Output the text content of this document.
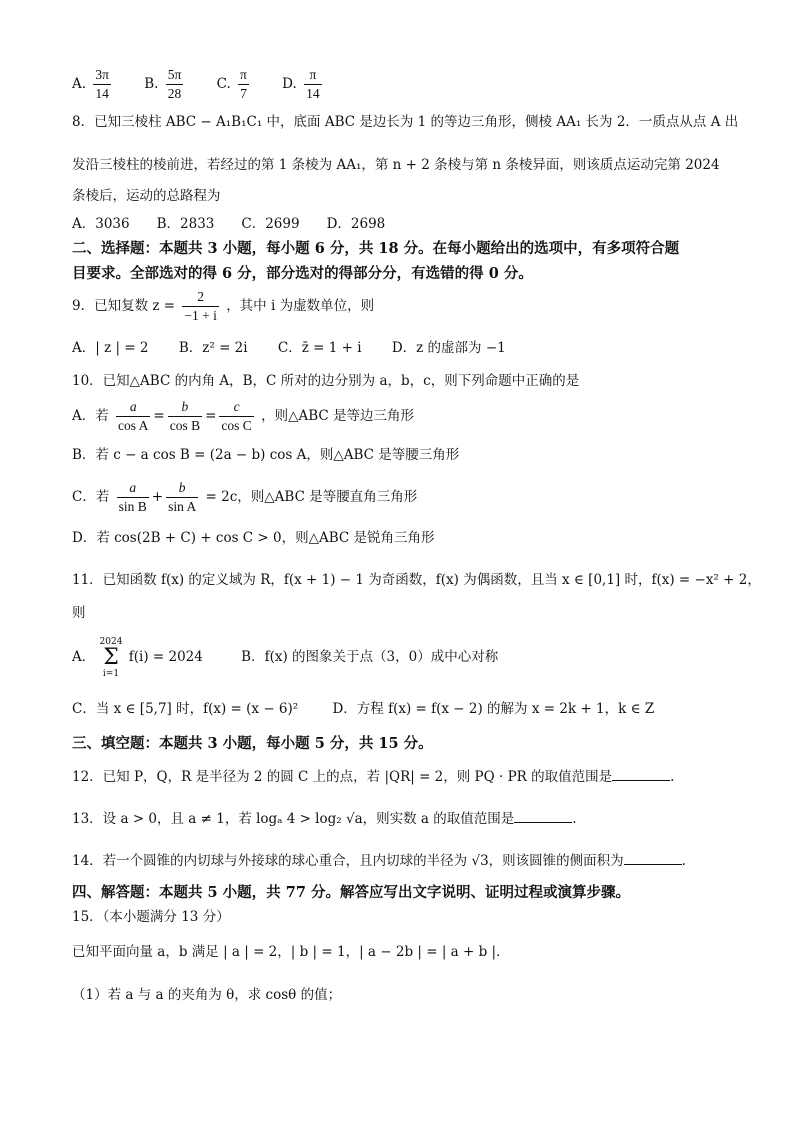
A. $\frac{3\pi}{14} B$. $\frac{5\pi}{28} C$. $\frac{\pi}{7} D$. $\frac{\pi}{14}$
8．已知三棱柱 ABC − A₁B₁C₁ 中，底面 ABC 是边长为 1 的等边三角形，侧棱 AA₁ 长为 2．一质点从点 A 出
发沿三棱柱的棱前进，若经过的第 1 条棱为 AA₁，第 n + 2 条棱与第 n 条棱异面，则该质点运动完第 2024
条棱后，运动的总路程为
A．3036　　B．2833　　C．2699　　D．2698
二、选择题：本题共 3 小题，每小题 6 分，共 18 分。在每小题给出的选项中，有多项符合题
目要求。全部选对的得 6 分，部分选对的得部分分，有选错的得 0 分。
9．已知复数 $z = \frac{2}{-1 + i}$ ，其中 i 为虚数单位，则
A．| z | = 2 B．z² = 2i C．z̄ = 1 + i D．z 的虚部为 −1
10．已知△ABC 的内角 A，B，C 所对的边分别为 a，b，c，则下列命题中正确的是
A．若 $\frac{a}{\text{cos A}} = \frac{b}{\text{cos B}} = \frac{c}{\text{cos C}}$ ，则△ABC 是等边三角形
B．若 c − a cos B = (2a − b) cos A，则△ABC 是等腰三角形
C．若 $\frac{a}{\text{sin B}} + \frac{b}{\text{sin A}} = 2c$，则△ABC 是等腰直角三角形
D．若 cos(2B + C) + cos C > 0，则△ABC 是锐角三角形
11．已知函数 f(x) 的定义域为 R，f(x + 1) − 1 为奇函数，f(x) 为偶函数，且当 x ∈ [0,1] 时，f(x) = −x² + 2，
则
A．
2024
Σ
i=1
f(i) = 2024	B．f(x) 的图象关于点（3，0）成中心对称
C．当 x ∈ [5,7] 时，f(x) = (x − 6)²	D．方程 f(x) = f(x − 2) 的解为 x = 2k + 1，k ∈ Z
三、填空题：本题共 3 小题，每小题 5 分，共 15 分。
12．已知 P，Q，R 是半径为 2 的圆 C 上的点，若 |QR| = 2，则 PQ · PR 的取值范围是	.
13．设 a > 0，且 a ≠ 1，若 logₐ 4 > log₂ √a，则实数 a 的取值范围是	.
14．若一个圆锥的内切球与外接球的球心重合，且内切球的半径为 √3，则该圆锥的侧面积为	.
四、解答题：本题共 5 小题，共 77 分。解答应写出文字说明、证明过程或演算步骤。
15．（本小题满分 13 分）
已知平面向量 a，b 满足 | a | = 2，| b | = 1，| a − 2b | = | a + b |．
（1）若 a 与 a 的夹角为 θ，求 cosθ 的值；
